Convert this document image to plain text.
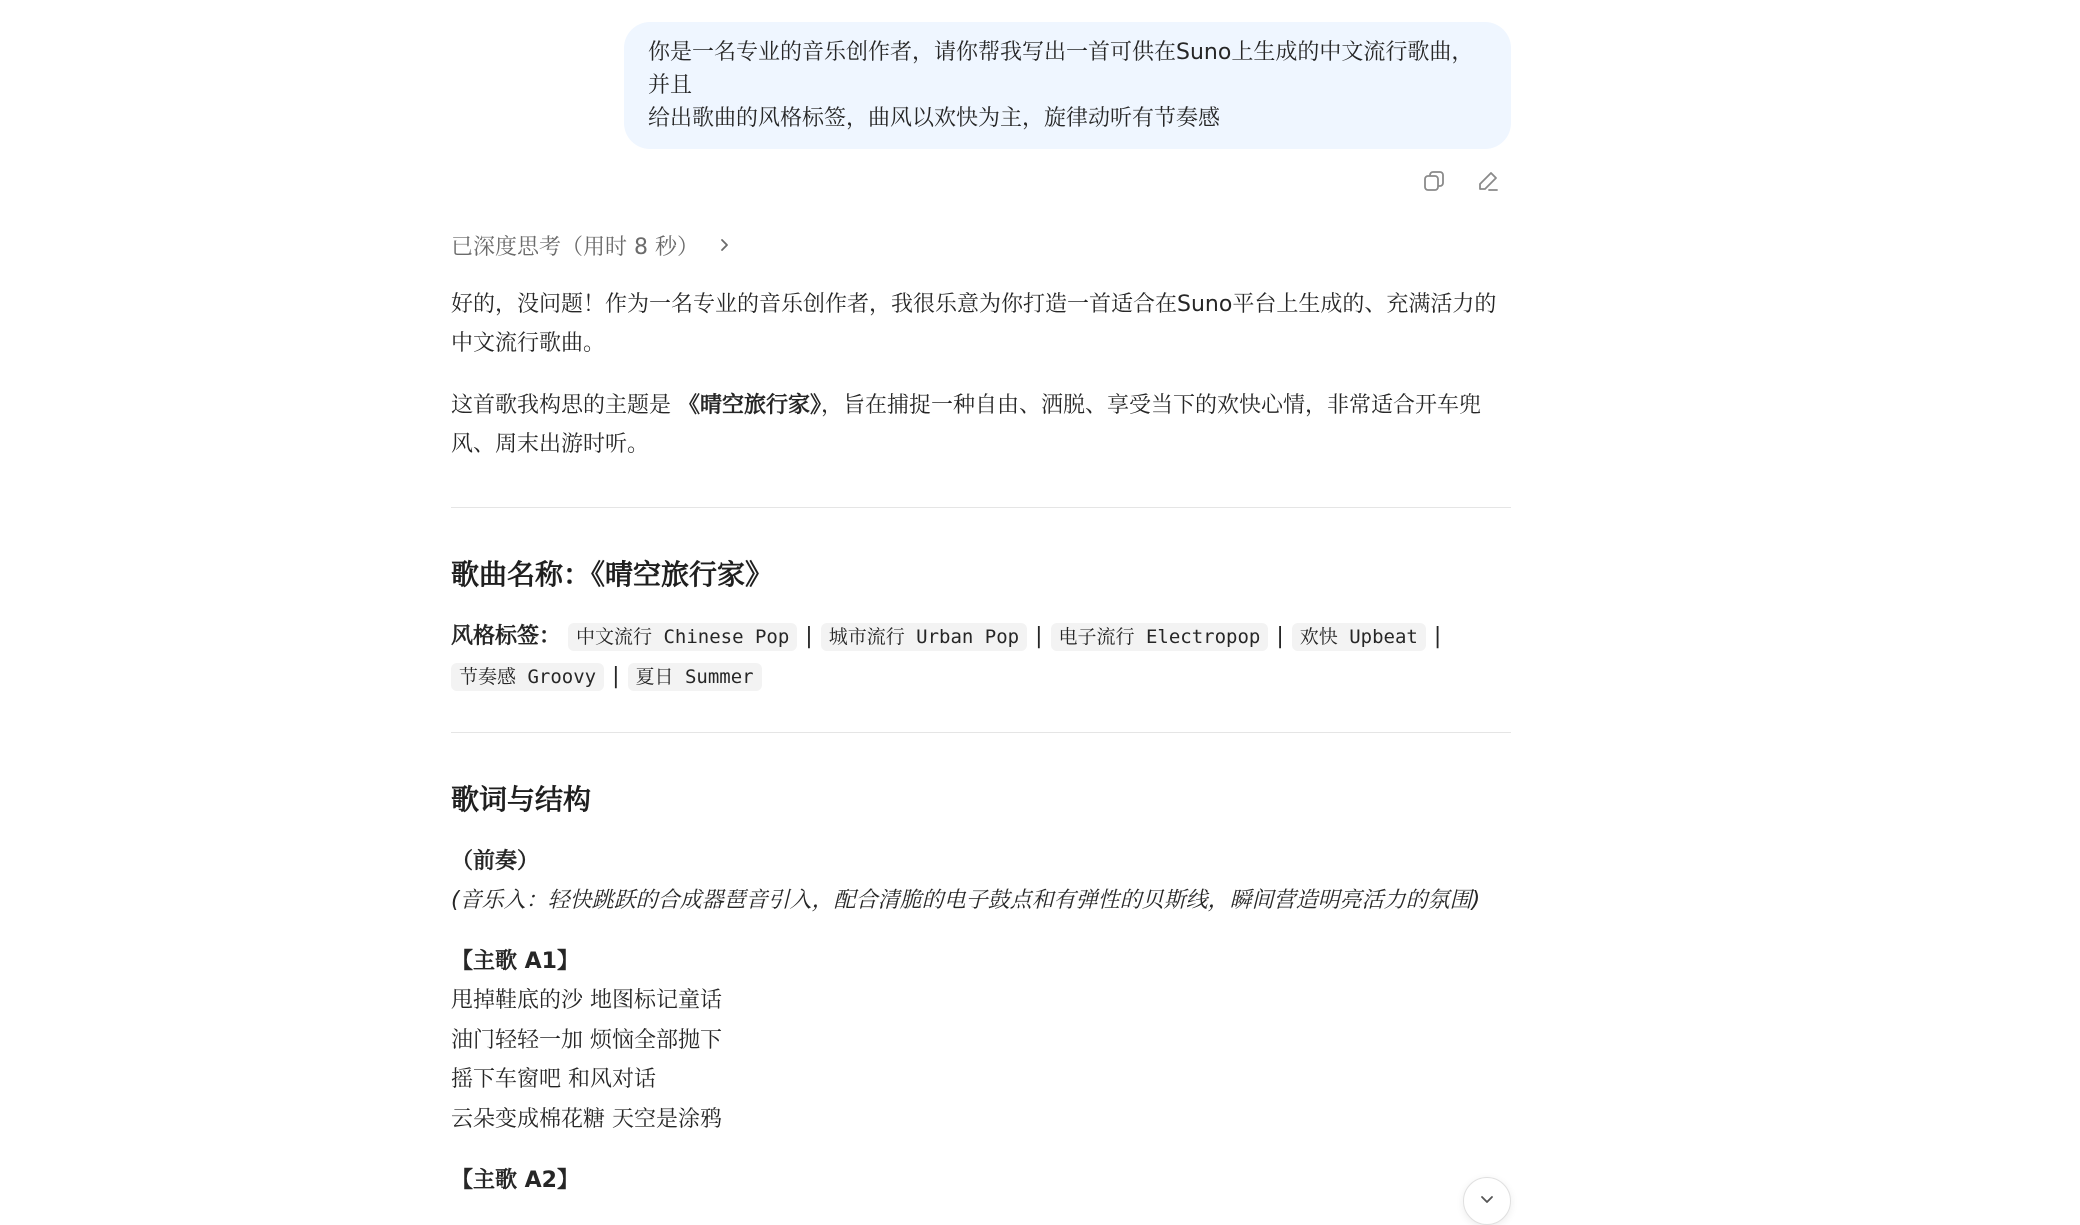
你是一名专业的音乐创作者，请你帮我写出一首可供在Suno上生成的中文流行歌曲，并且
给出歌曲的风格标签，曲风以欢快为主，旋律动听有节奏感
已深度思考（用时 8 秒）

好的，没问题！作为一名专业的音乐创作者，我很乐意为你打造一首适合在Suno平台上生成的、充满活力的中文流行歌曲。

这首歌我构思的主题是 《晴空旅行家》，旨在捕捉一种自由、洒脱、享受当下的欢快心情，非常适合开车兜风、周末出游时听。

歌曲名称：《晴空旅行家》
风格标签： 中文流行 Chinese Pop | 城市流行 Urban Pop | 电子流行 Electropop | 欢快 Upbeat |
节奏感 Groovy | 夏日 Summer
歌词与结构

（前奏）

(音乐入：轻快跳跃的合成器琶音引入，配合清脆的电子鼓点和有弹性的贝斯线，瞬间营造明亮活力的氛围)

【主歌 A1】

甩掉鞋底的沙 地图标记童话

油门轻轻一加 烦恼全部抛下

摇下车窗吧 和风对话

云朵变成棉花糖 天空是涂鸦

【主歌 A2】
